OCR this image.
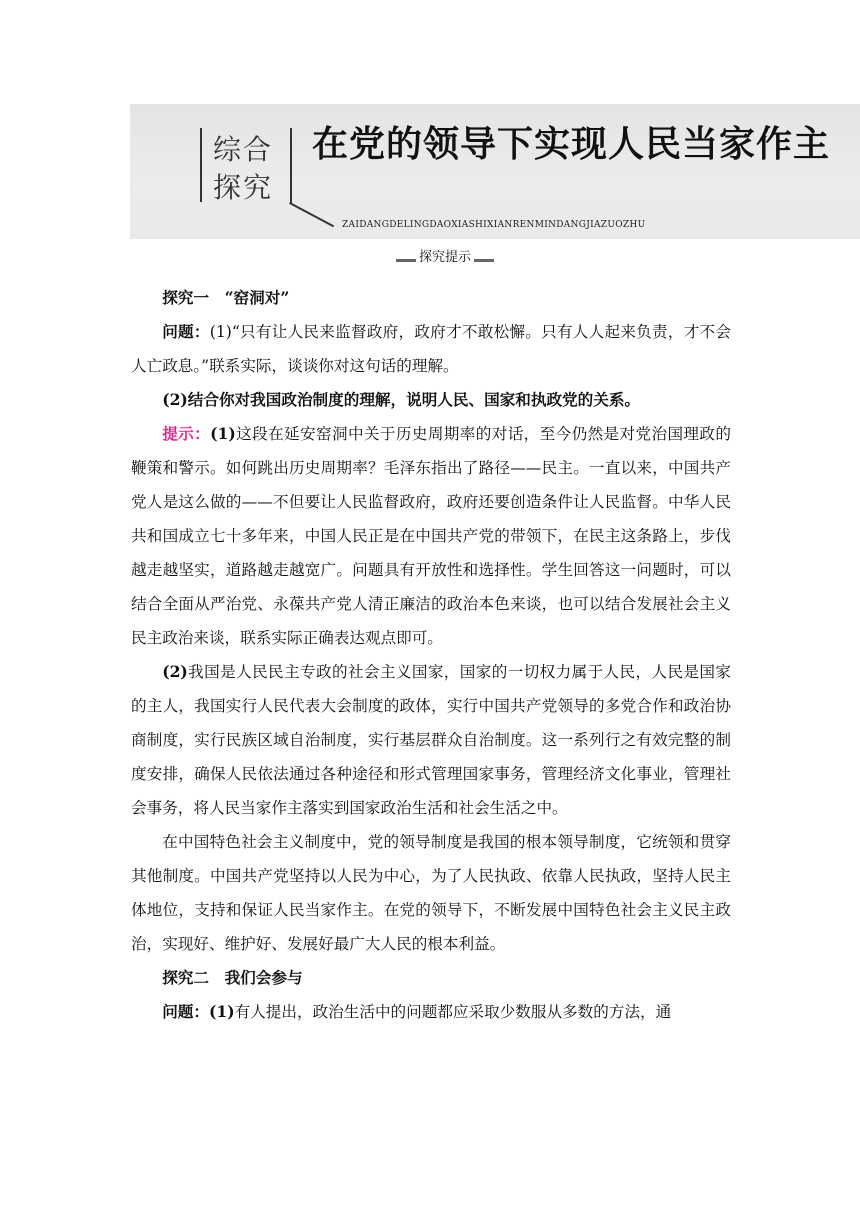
综合
探究
在党的领导下实现人民当家作主
ZAIDANGDELINGDAOXIASHIXIANRENMINDANGJIAZUOZHU
探究提示

探究一  “窑洞对”

问题：(1)“只有让人民来监督政府，政府才不敢松懈。只有人人起来负责，才不会人亡政息。”联系实际，谈谈你对这句话的理解。

(2)结合你对我国政治制度的理解，说明人民、国家和执政党的关系。

提示：(1)这段在延安窑洞中关于历史周期率的对话，至今仍然是对党治国理政的鞭策和警示。如何跳出历史周期率？毛泽东指出了路径——民主。一直以来，中国共产党人是这么做的——不但要让人民监督政府，政府还要创造条件让人民监督。中华人民共和国成立七十多年来，中国人民正是在中国共产党的带领下，在民主这条路上，步伐越走越坚实，道路越走越宽广。问题具有开放性和选择性。学生回答这一问题时，可以结合全面从严治党、永葆共产党人清正廉洁的政治本色来谈，也可以结合发展社会主义民主政治来谈，联系实际正确表达观点即可。

(2)我国是人民民主专政的社会主义国家，国家的一切权力属于人民，人民是国家的主人，我国实行人民代表大会制度的政体，实行中国共产党领导的多党合作和政治协商制度，实行民族区域自治制度，实行基层群众自治制度。这一系列行之有效完整的制度安排，确保人民依法通过各种途径和形式管理国家事务，管理经济文化事业，管理社会事务，将人民当家作主落实到国家政治生活和社会生活之中。

在中国特色社会主义制度中，党的领导制度是我国的根本领导制度，它统领和贯穿其他制度。中国共产党坚持以人民为中心，为了人民执政、依靠人民执政，坚持人民主体地位，支持和保证人民当家作主。在党的领导下，不断发展中国特色社会主义民主政治，实现好、维护好、发展好最广大人民的根本利益。

探究二  我们会参与

问题：(1)有人提出，政治生活中的问题都应采取少数服从多数的方法，通
